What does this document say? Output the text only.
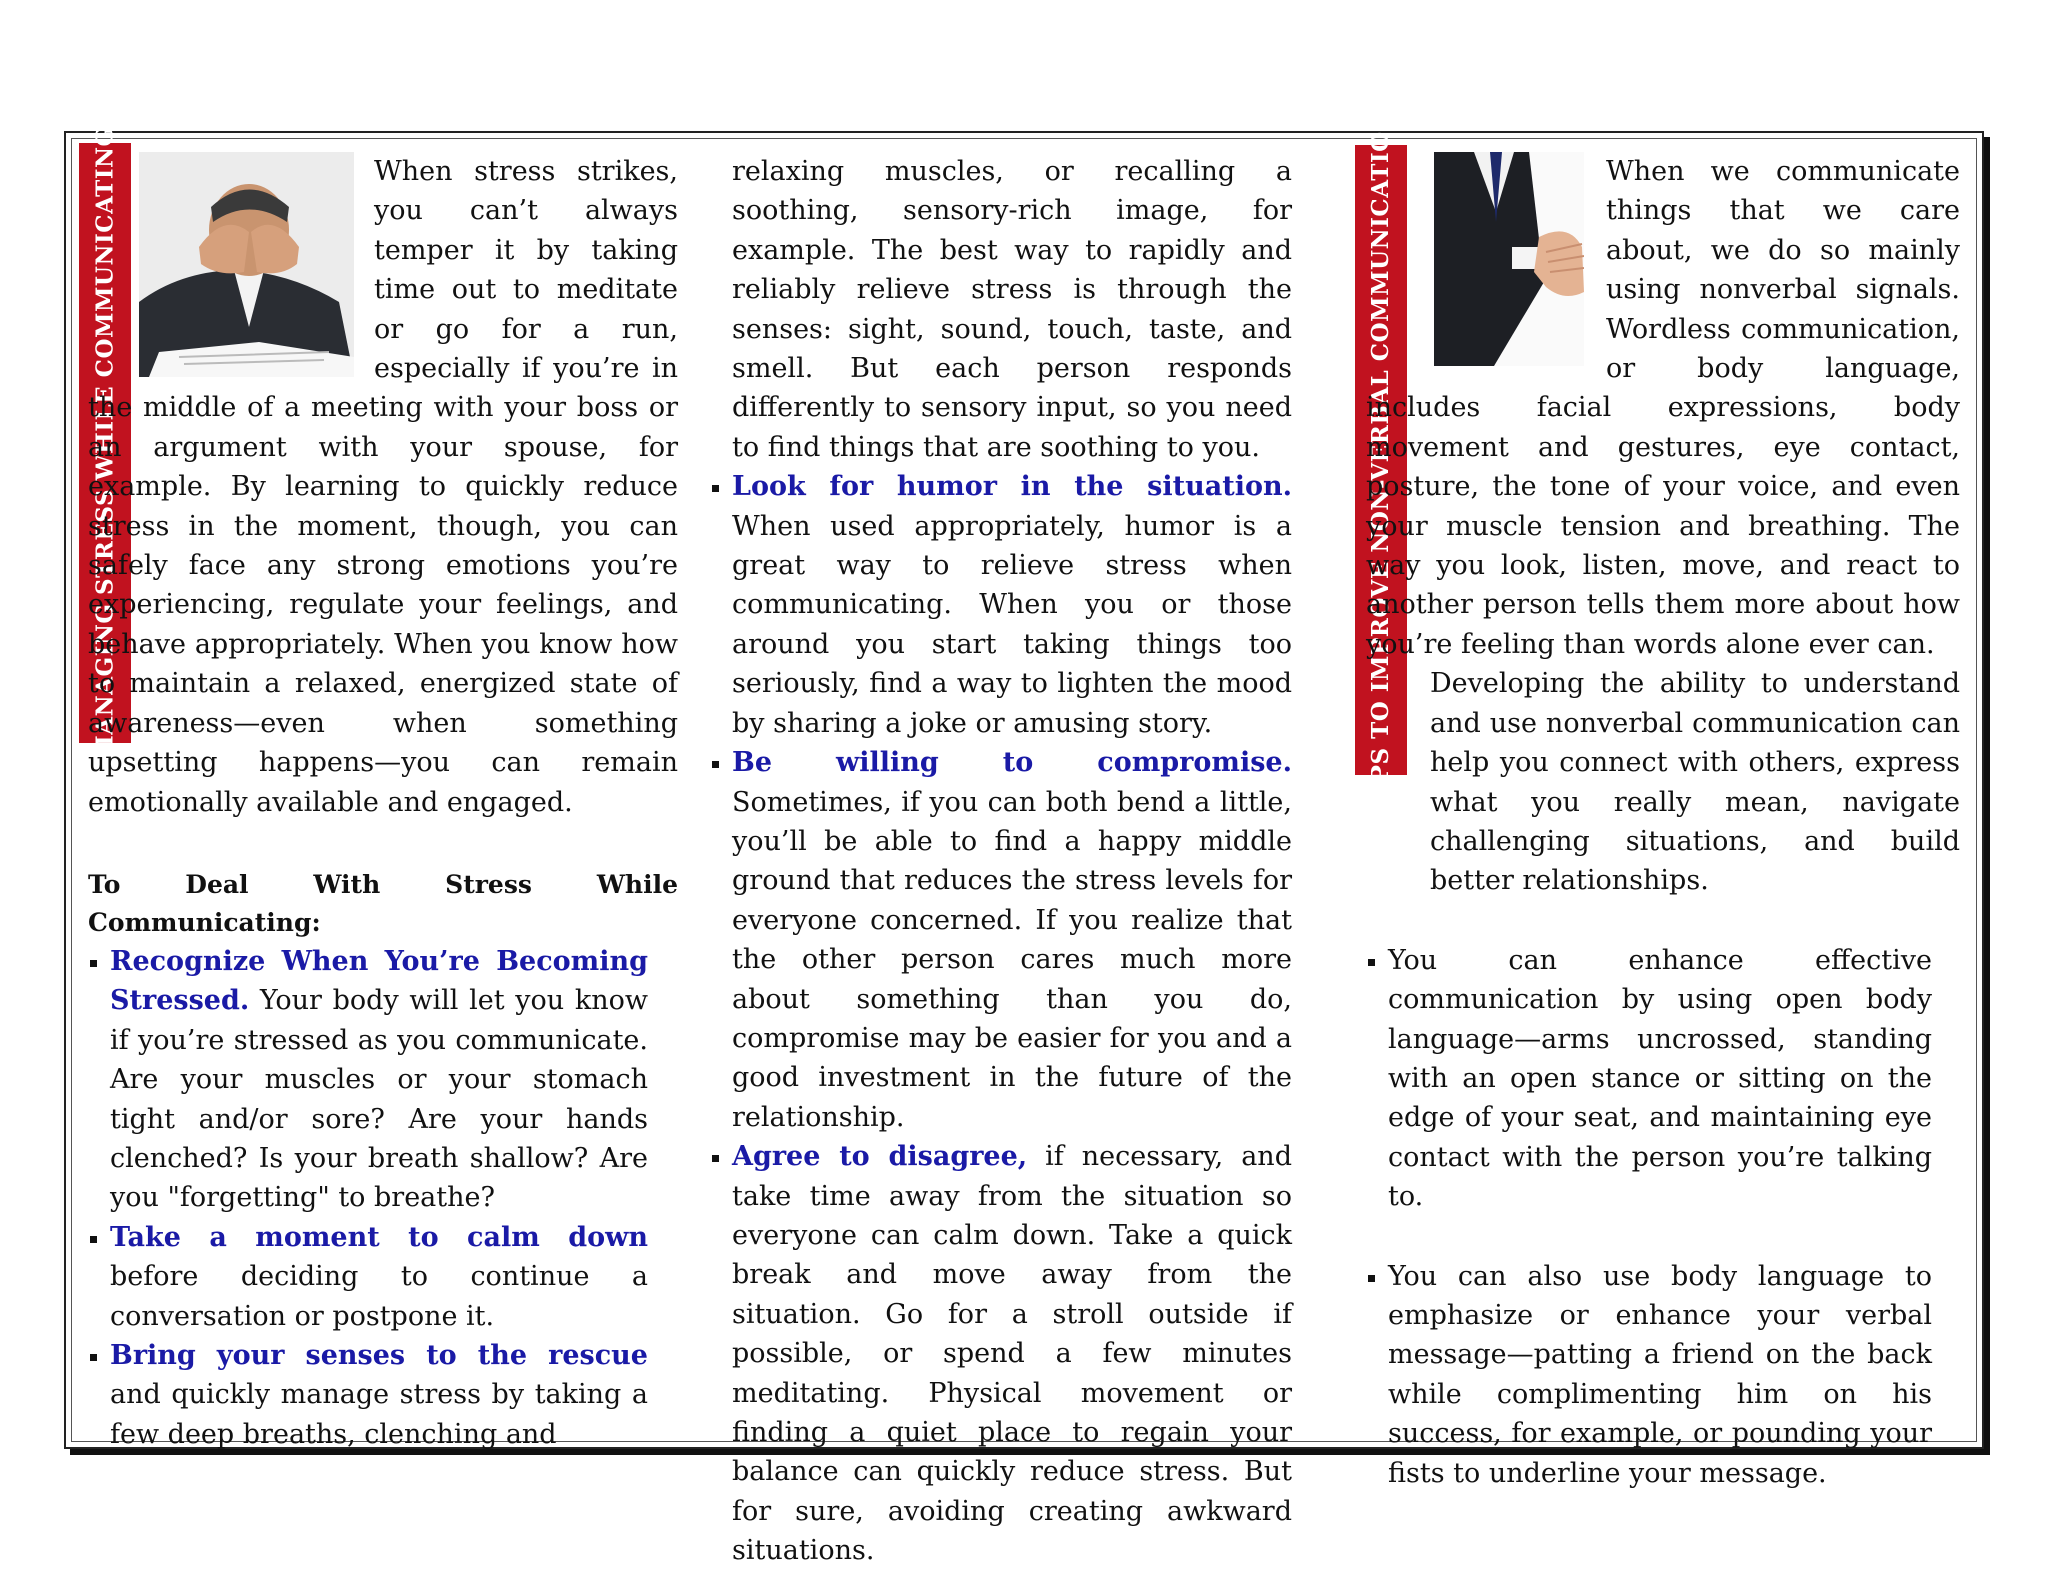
MANAGING STRESS WHILE COMMUNICATING	TIPS TO IMPROVE NON-VERBAL COMMUNICATION

When stress strikes, you can’t always temper it by taking time out to meditate or go for a run, especially if you’re in the middle of a meeting with your boss or an argument with your spouse, for example. By learning to quickly reduce stress in the moment, though, you can safely face any strong emotions you’re experiencing, regulate your feelings, and behave appropriately. When you know how to maintain a relaxed, energized state of awareness—even when something upsetting happens—you can remain emotionally available and engaged.

To Deal With Stress While Communicating:
Recognize When You’re Becoming Stressed. Your body will let you know if you’re stressed as you communicate. Are your muscles or your stomach tight and/or sore? Are your hands clenched? Is your breath shallow? Are you "forgetting" to breathe?
Take a moment to calm down before deciding to continue a conversation or postpone it.
Bring your senses to the rescue and quickly manage stress by taking a few deep breaths, clenching and

relaxing muscles, or recalling a soothing, sensory-rich image, for example. The best way to rapidly and reliably relieve stress is through the senses: sight, sound, touch, taste, and smell. But each person responds differently to sensory input, so you need to find things that are soothing to you.

Look for humor in the situation. When used appropriately, humor is a great way to relieve stress when communicating. When you or those around you start taking things too seriously, find a way to lighten the mood by sharing a joke or amusing story.
Be willing to compromise. Sometimes, if you can both bend a little, you’ll be able to find a happy middle ground that reduces the stress levels for everyone concerned. If you realize that the other person cares much more about something than you do, compromise may be easier for you and a good investment in the future of the relationship.
Agree to disagree, if necessary, and take time away from the situation so everyone can calm down. Take a quick break and move away from the situation. Go for a stroll outside if possible, or spend a few minutes meditating. Physical movement or finding a quiet place to regain your balance can quickly reduce stress. But for sure, avoiding creating awkward situations.

When we communicate things that we care about, we do so mainly using nonverbal signals. Wordless communication, or body language, includes facial expressions, body movement and gestures, eye contact, posture, the tone of your voice, and even your muscle tension and breathing. The way you look, listen, move, and react to another person tells them more about how you’re feeling than words alone ever can.

Developing the ability to understand and use nonverbal communication can help you connect with others, express what you really mean, navigate challenging situations, and build better relationships.

You can enhance effective communication by using open body language—arms uncrossed, standing with an open stance or sitting on the edge of your seat, and maintaining eye contact with the person you’re talking to.
You can also use body language to emphasize or enhance your verbal message—patting a friend on the back while complimenting him on his success, for example, or pounding your fists to underline your message.
